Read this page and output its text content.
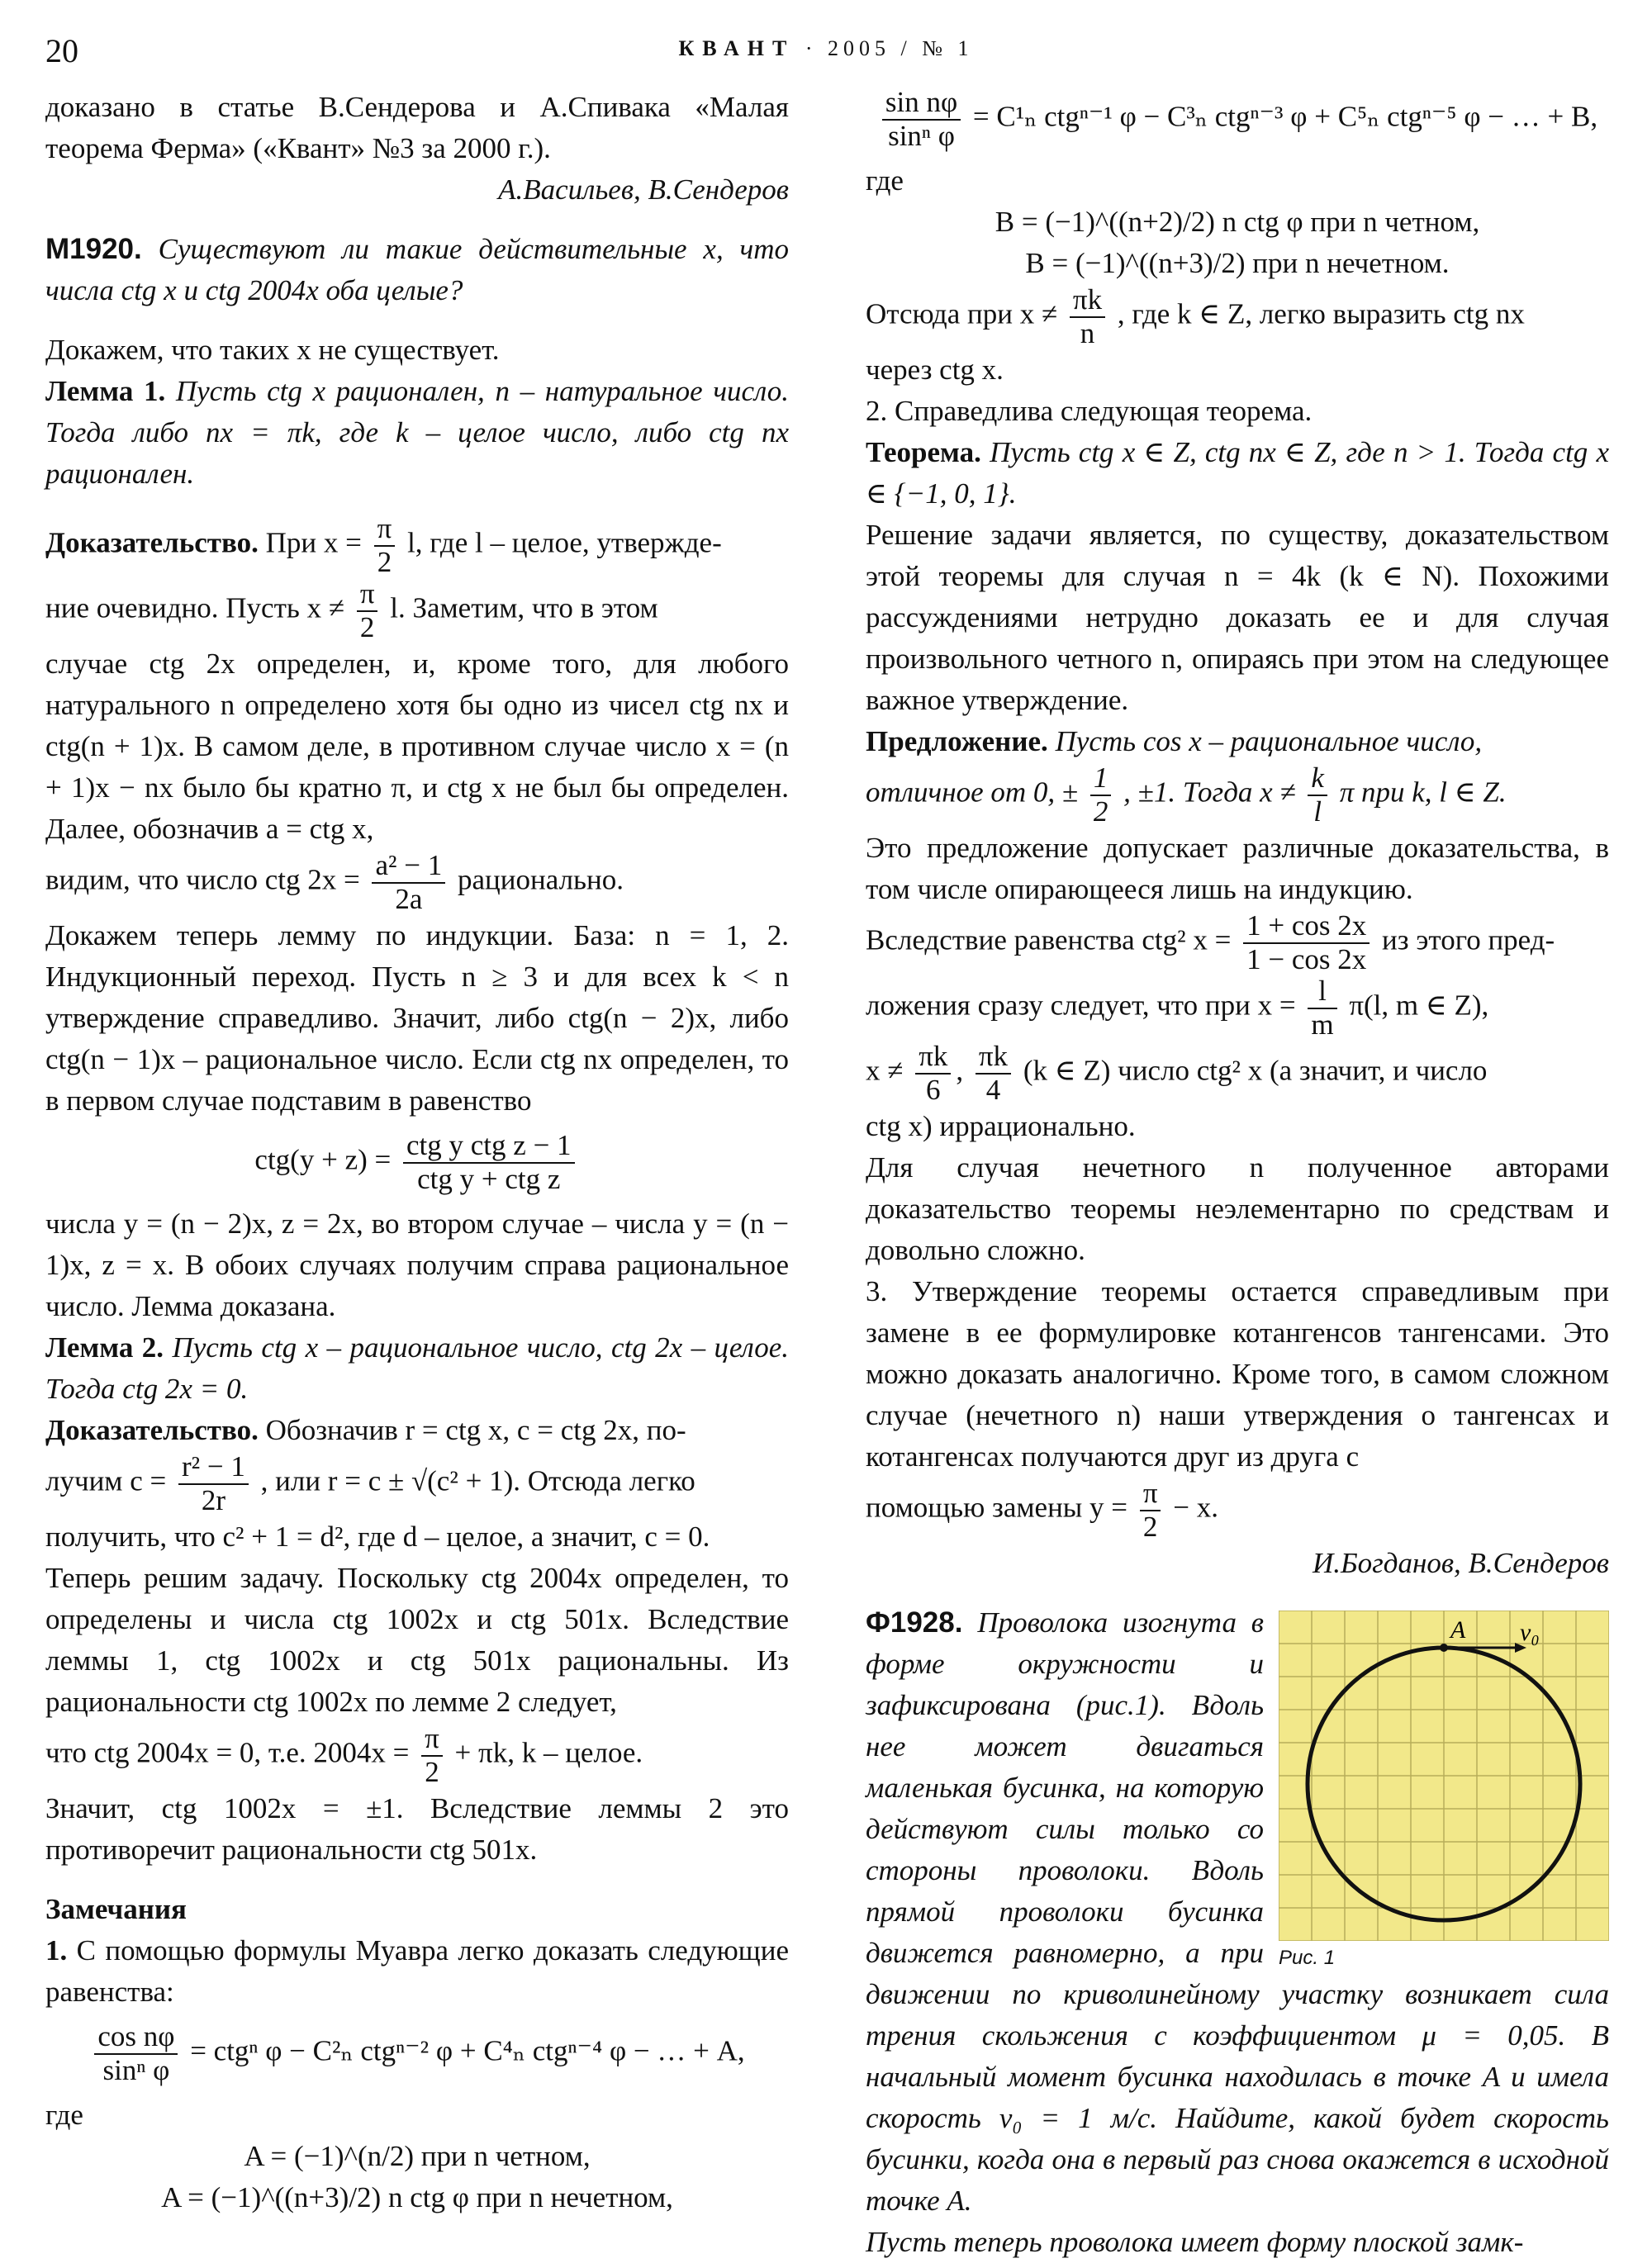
20	КВАНТ · 2005 / № 1

доказано в статье В.Сендерова и А.Спивака «Малая теорема Ферма» («Квант» №3 за 2000 г.).

А.Васильев, В.Сендеров

М1920. Существуют ли такие действительные x, что числа ctg x и ctg 2004x оба целые?

Докажем, что таких x не существует.

Лемма 1. Пусть ctg x рационален, n – натуральное число. Тогда либо nx = πk, где k – целое число, либо ctg nx рационален.

Доказательство. При $x = \frac{\pi}{2} l$, где l – целое, утвержде-

ние очевидно. Пусть $x \ne \frac{\pi}{2} l$. Заметим, что в этом

случае ctg 2x определен, и, кроме того, для любого натурального n определено хотя бы одно из чисел ctg nx и ctg(n + 1)x. В самом деле, в противном случае число x = (n + 1)x − nx было бы кратно π, и ctg x не был бы определен. Далее, обозначив a = ctg x,

видим, что число ctg $2x = \frac{\text{a² − 1}}{2a}$ рационально.

Докажем теперь лемму по индукции. База: n = 1, 2. Индукционный переход. Пусть n ≥ 3 и для всех k < n утверждение справедливо. Значит, либо ctg(n − 2)x, либо ctg(n − 1)x – рациональное число. Если ctg nx определен, то в первом случае подставим в равенство

$ctg(y + z) = \frac{\text{ctg y ctg z − 1}}{\text{ctg y + ctg z}}$

числа y = (n − 2)x, z = 2x, во втором случае – числа y = (n − 1)x, z = x. В обоих случаях получим справа рациональное число. Лемма доказана.

Лемма 2. Пусть ctg x – рациональное число, ctg 2x – целое. Тогда ctg 2x = 0.

Доказательство. Обозначив r = ctg x, c = ctg 2x, по-

лучим $c = \frac{\text{r² − 1}}{2r}$ , или r = c ± √(c² + 1). Отсюда легко

получить, что c² + 1 = d², где d – целое, а значит, c = 0.

Теперь решим задачу. Поскольку ctg 2004x определен, то определены и числа ctg 1002x и ctg 501x. Вследствие леммы 1, ctg 1002x и ctg 501x рациональны. Из рациональности ctg 1002x по лемме 2 следует,

что ctg 2004x = 0, т.е. $2004x = \frac{\pi}{2} + \pi k$, k – целое.

Значит, ctg 1002x = ±1. Вследствие леммы 2 это противоречит рациональности ctg 501x.

Замечания

1. С помощью формулы Муавра легко доказать следующие равенства:

$\frac{\text{cos nφ}}{\text{sinⁿ φ}} = ctg^n$ φ − C²ₙ ctgⁿ⁻² φ + C⁴ₙ ctgⁿ⁻⁴ φ − … + A,

где

A = (−1)^(n/2) при n четном,

A = (−1)^((n+3)/2) n ctg φ при n нечетном,

$\frac{\text{sin nφ}}{\text{sinⁿ φ}} = C^1_n$ ctgⁿ⁻¹ φ − C³ₙ ctgⁿ⁻³ φ + C⁵ₙ ctgⁿ⁻⁵ φ − … + B,

где

B = (−1)^((n+2)/2) n ctg φ при n четном,

B = (−1)^((n+3)/2) при n нечетном.

Отсюда при $x \ne \frac{\pi k}{n}$ , где k ∈ Z, легко выразить ctg nx

через ctg x.

2. Справедлива следующая теорема.

Теорема. Пусть ctg x ∈ Z, ctg nx ∈ Z, где n > 1. Тогда ctg x ∈ {−1, 0, 1}.

Решение задачи является, по существу, доказательством этой теоремы для случая n = 4k (k ∈ N). Похожими рассуждениями нетрудно доказать ее и для случая произвольного четного n, опираясь при этом на следующее важное утверждение.

Предложение. Пусть cos x – рациональное число,

отличное от 0, ± $\frac{1}{2}$ , ±1. Тогда $x \ne \frac{k}{l}$ π при k, l ∈ Z.

Это предложение допускает различные доказательства, в том числе опирающееся лишь на индукцию.

Вследствие равенства ctg² $x = \frac{1 + \cos 2x}{1 - \cos 2x}$ из этого пред-

ложения сразу следует, что при $x = \frac{l}{m} \pi(l$, m ∈ Z),

$x \ne \frac{\pi k}{6}$ , $\frac{\pi k}{4} (k$ ∈ Z) число ctg² x (а значит, и число

ctg x) иррационально.

Для случая нечетного n полученное авторами доказательство теоремы неэлементарно по средствам и довольно сложно.

3. Утверждение теоремы остается справедливым при замене в ее формулировке котангенсов тангенсами. Это можно доказать аналогично. Кроме того, в самом сложном случае (нечетного n) наши утверждения о тангенсах и котангенсах получаются друг из друга с

помощью замены $y = \frac{\pi}{2} - x$.

И.Богданов, В.Сендеров

A v₀
Рис. 1

Ф1928. Проволока изогнута в форме окружности и зафиксирована (рис.1). Вдоль нее может двигаться маленькая бусинка, на которую действуют силы только со стороны проволоки. Вдоль прямой проволоки бусинка движется равномерно, а при движении по криволинейному участку возникает сила трения скольжения с коэффициентом μ = 0,05. В начальный момент бусинка находилась в точке A и имела скорость v₀ = 1 м/с. Найдите, какой будет скорость бусинки, когда она в первый раз снова окажется в исходной точке A.

Пусть теперь проволока имеет форму плоской замк-
